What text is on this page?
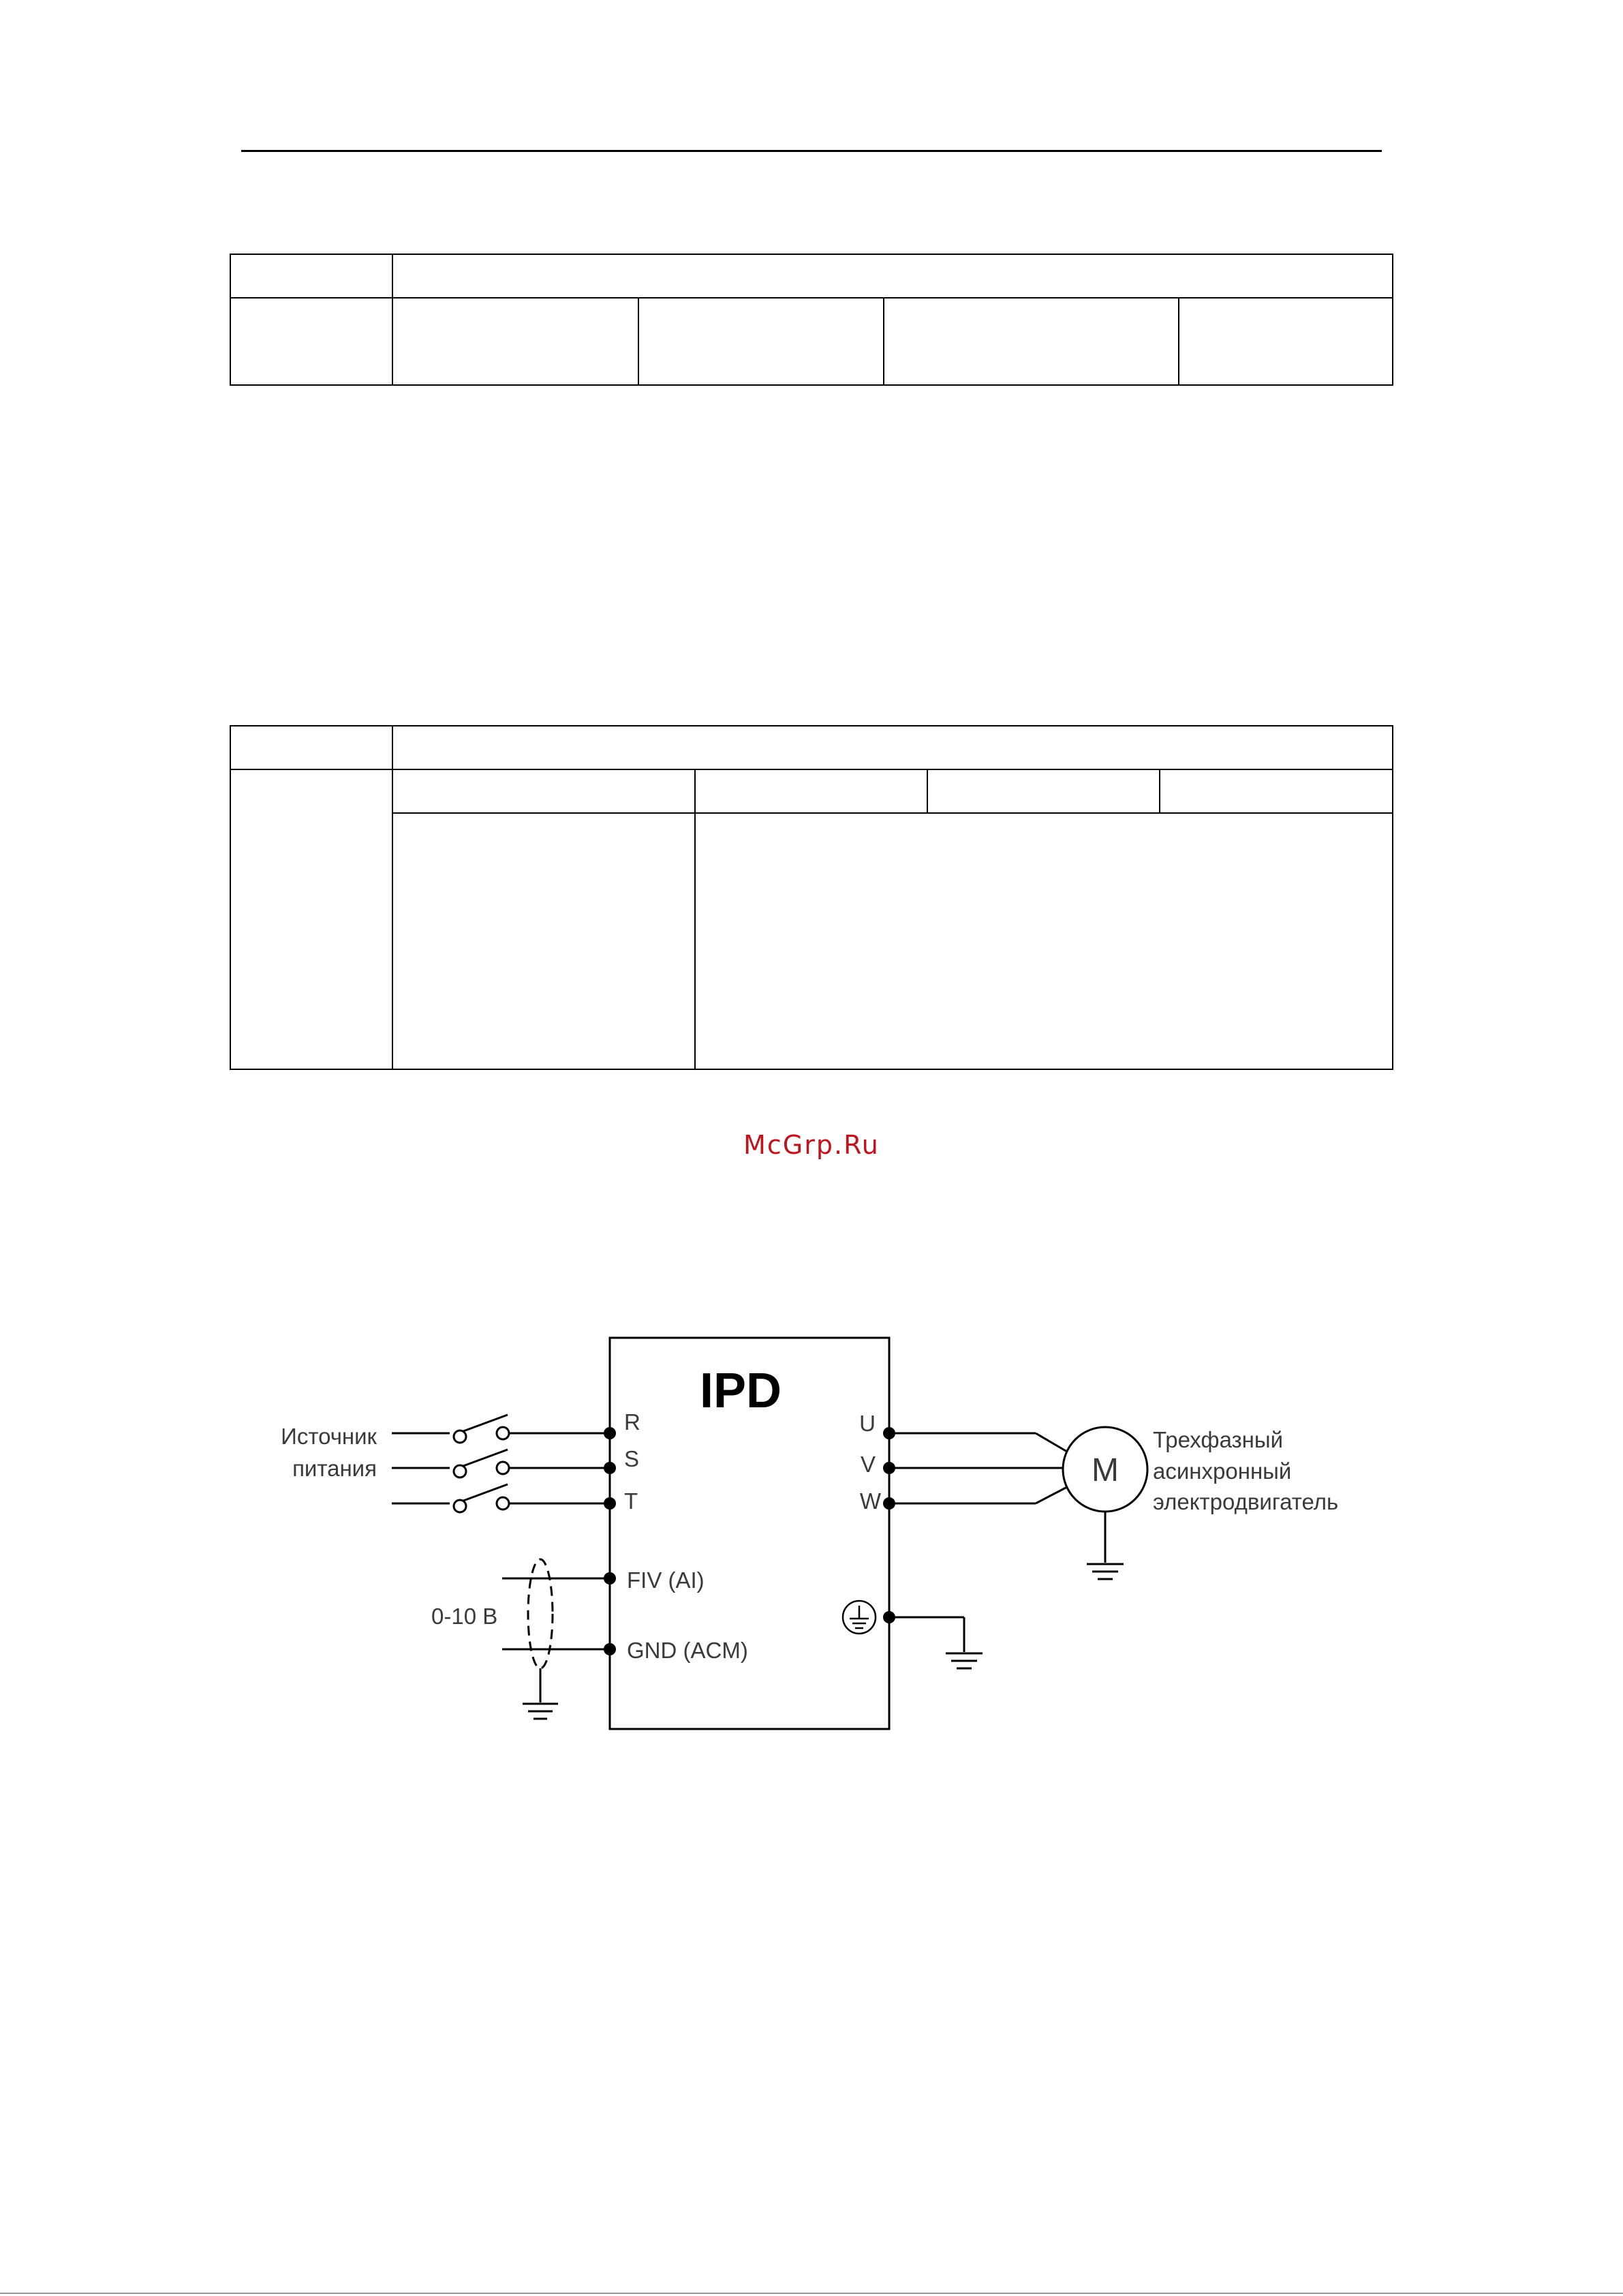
McGrp.Ru
IPD
Источник
питания
R
S
T
U
V
W
FIV (AI)
GND (ACM)
0-10 В
M
Трехфазный
асинхронный
электродвигатель
